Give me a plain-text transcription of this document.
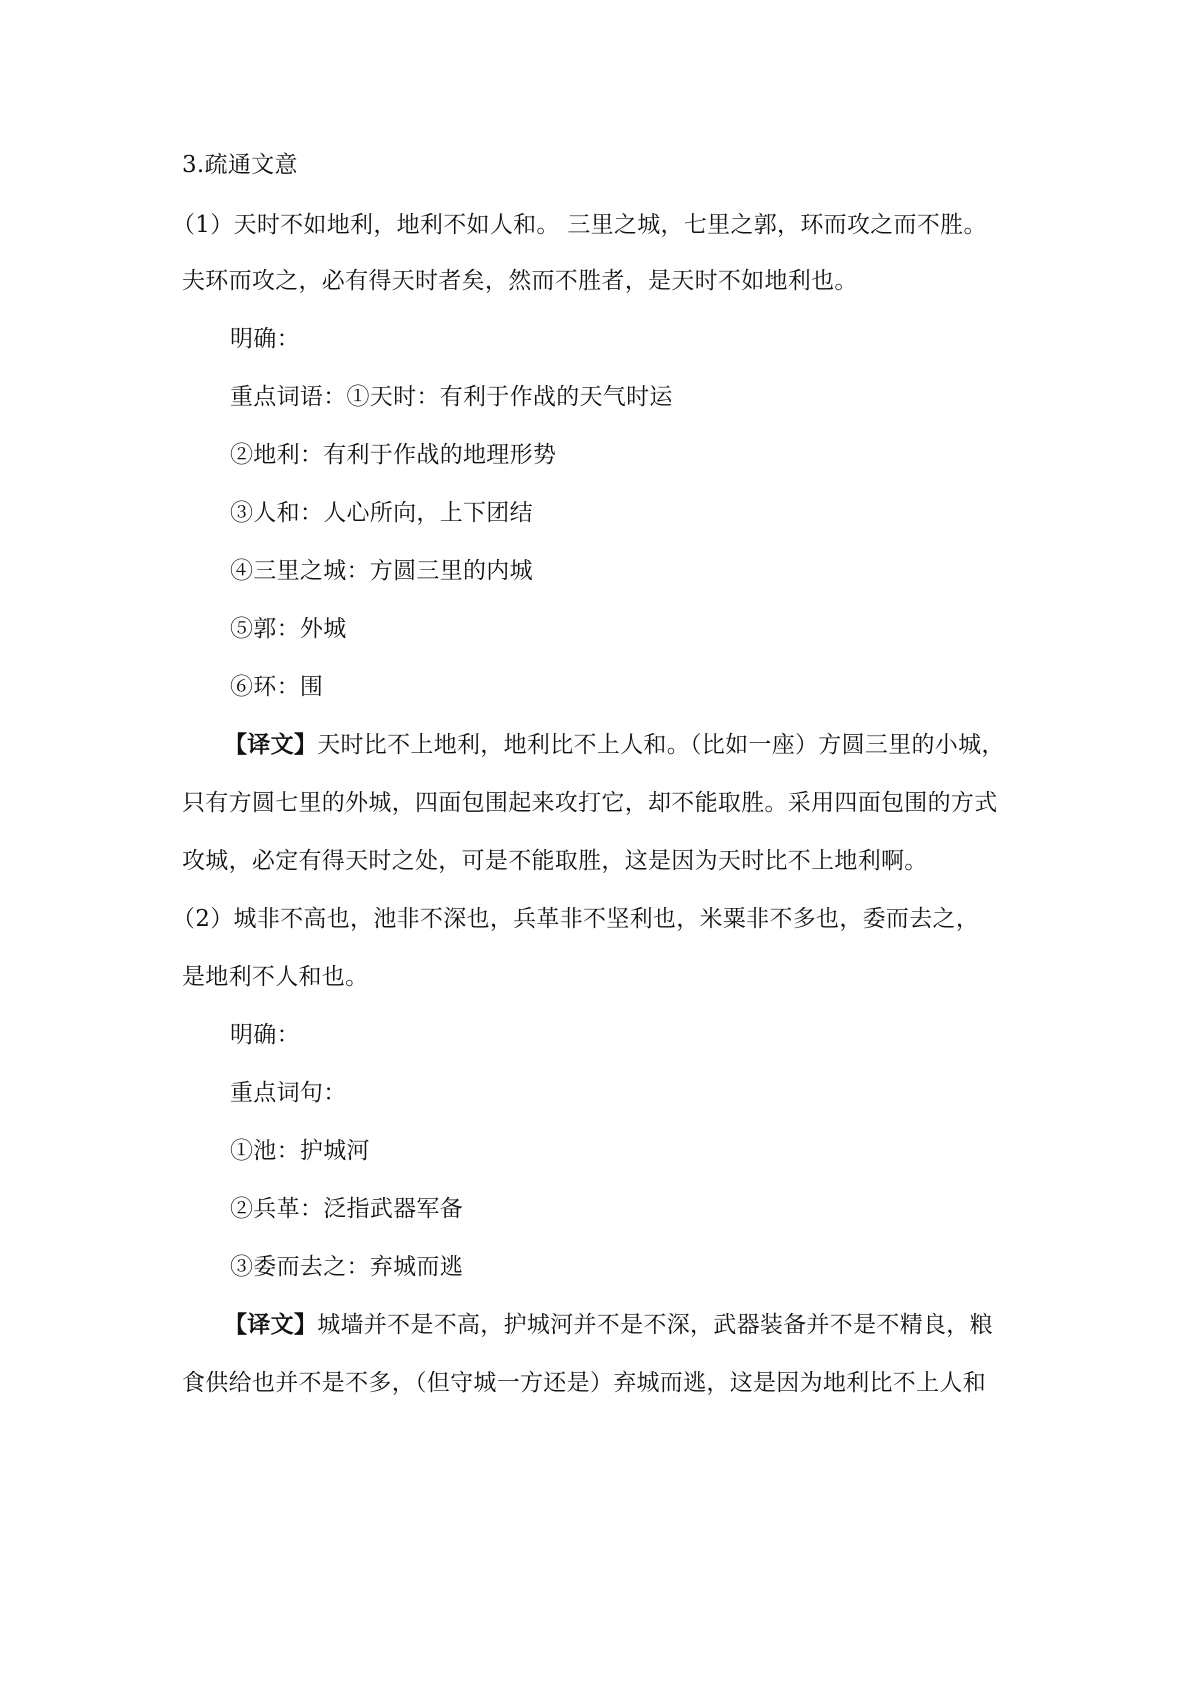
3.疏通文意
（1）天时不如地利，地利不如人和。 三里之城，七里之郭，环而攻之而不胜。
夫环而攻之，必有得天时者矣，然而不胜者，是天时不如地利也。
明确：
重点词语：①天时：有利于作战的天气时运
②地利：有利于作战的地理形势
③人和：人心所向，上下团结
④三里之城：方圆三里的内城
⑤郭：外城
⑥环：围
【译文】天时比不上地利，地利比不上人和。（比如一座）方圆三里的小城，
只有方圆七里的外城，四面包围起来攻打它，却不能取胜。采用四面包围的方式
攻城，必定有得天时之处，可是不能取胜，这是因为天时比不上地利啊。
（2）城非不高也，池非不深也，兵革非不坚利也，米粟非不多也，委而去之，
是地利不人和也。
明确：
重点词句：
①池：护城河
②兵革：泛指武器军备
③委而去之：弃城而逃
【译文】城墙并不是不高，护城河并不是不深，武器装备并不是不精良，粮
食供给也并不是不多，（但守城一方还是）弃城而逃，这是因为地利比不上人和
